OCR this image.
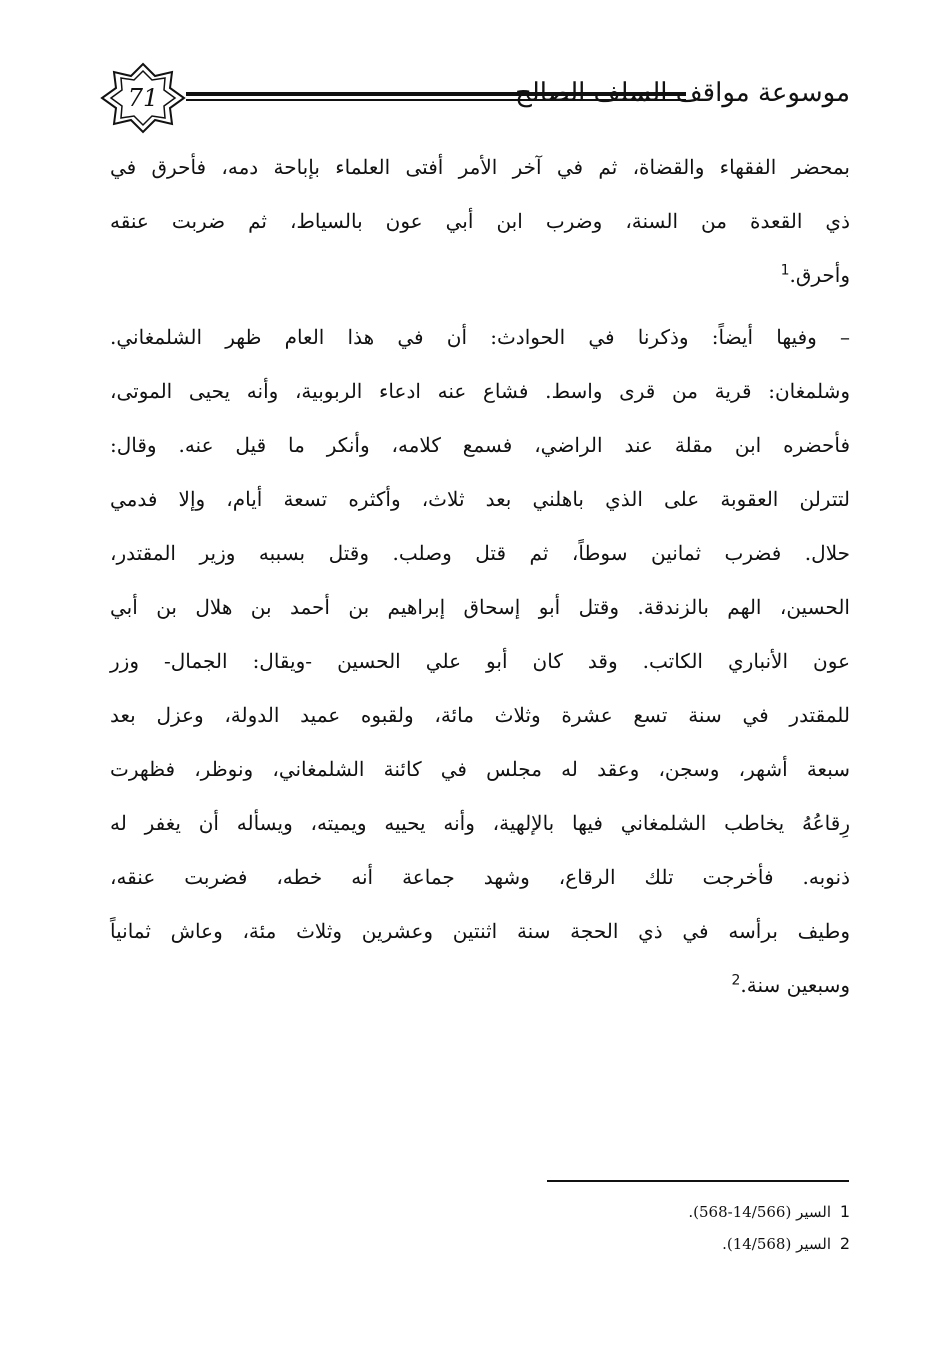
71	موسوعة مواقف السلف الصالح
بمحضر الفقهاء والقضاة، ثم في آخر الأمر أفتى العلماء بإباحة دمه، فأحرق في
ذي القعدة من السنة، وضرب ابن أبي عون بالسياط، ثم ضربت عنقه
وأحرق.$^1$
– وفيها أيضاً: وذكرنا في الحوادث: أن في هذا العام ظهر الشلمغاني.
وشلمغان: قرية من قرى واسط. فشاع عنه ادعاء الربوبية، وأنه يحيى الموتى،
فأحضره ابن مقلة عند الراضي، فسمع كلامه، وأنكر ما قيل عنه. وقال:
لتترلن العقوبة على الذي باهلني بعد ثلاث، وأكثره تسعة أيام، وإلا فدمي
حلال. فضرب ثمانين سوطاً، ثم قتل وصلب. وقتل بسببه وزير المقتدر،
الحسين، الهم بالزندقة. وقتل أبو إسحاق إبراهيم بن أحمد بن هلال بن أبي
عون الأنباري الكاتب. وقد كان أبو علي الحسين -ويقال: الجمال- وزر
للمقتدر في سنة تسع عشرة وثلاث مائة، ولقبوه عميد الدولة، وعزل بعد
سبعة أشهر، وسجن، وعقد له مجلس في كائنة الشلمغاني، ونوظر، فظهرت
رِقاعُهُ يخاطب الشلمغاني فيها بالإلهية، وأنه يحييه ويميته، ويسأله أن يغفر له
ذنوبه. فأخرجت تلك الرقاع، وشهد جماعة أنه خطه، فضربت عنقه،
وطيف برأسه في ذي الحجة سنة اثنتين وعشرين وثلاث مئة، وعاش ثمانياً
وسبعين سنة.$^2$
1 السير (14/566-568).
2 السير (14/568).
